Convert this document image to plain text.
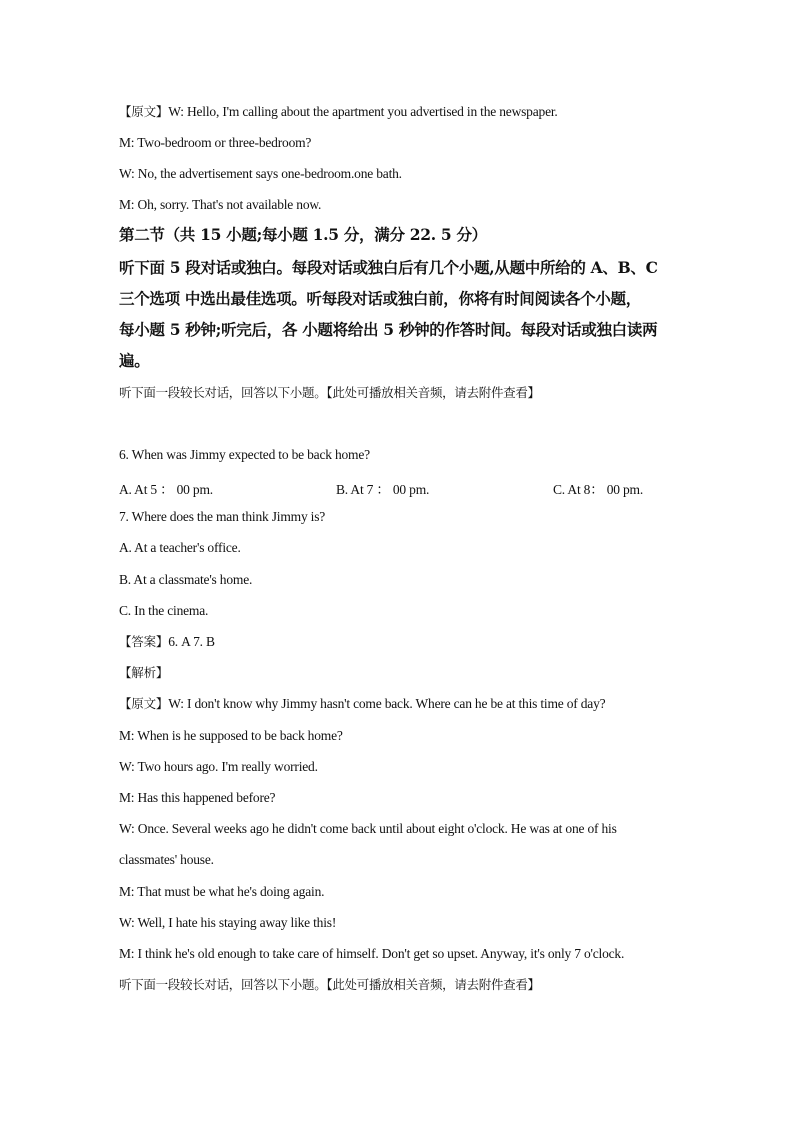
【原文】W: Hello, I'm calling about the apartment you advertised in the newspaper.
M: Two-bedroom or three-bedroom?
W: No, the advertisement says one-bedroom.one bath.
M: Oh, sorry. That's not available now.
第二节（共 15 小题;每小题 1.5 分，满分 22. 5 分）
听下面 5 段对话或独白。每段对话或独白后有几个小题,从题中所给的 A、B、C
三个选项 中选出最佳选项。听每段对话或独白前，你将有时间阅读各个小题，
每小题 5 秒钟;听完后，各 小题将给出 5 秒钟的作答时间。每段对话或独白读两
遍。
听下面一段较长对话，回答以下小题。【此处可播放相关音频，请去附件查看】
6. When was Jimmy expected to be back home?
A. At 5 ： 00 pm.	B. At 7 ： 00 pm.	C. At 8： 00 pm.
7. Where does the man think Jimmy is?
A. At a teacher's office.
B. At a classmate's home.
C. In the cinema.
【答案】6. A 7. B
【解析】
【原文】W: I don't know why Jimmy hasn't come back. Where can he be at this time of day?
M: When is he supposed to be back home?
W: Two hours ago. I'm really worried.
M: Has this happened before?
W: Once. Several weeks ago he didn't come back until about eight o'clock. He was at one of his
classmates' house.
M: That must be what he's doing again.
W: Well, I hate his staying away like this!
M: I think he's old enough to take care of himself. Don't get so upset. Anyway, it's only 7 o'clock.
听下面一段较长对话，回答以下小题。【此处可播放相关音频，请去附件查看】
